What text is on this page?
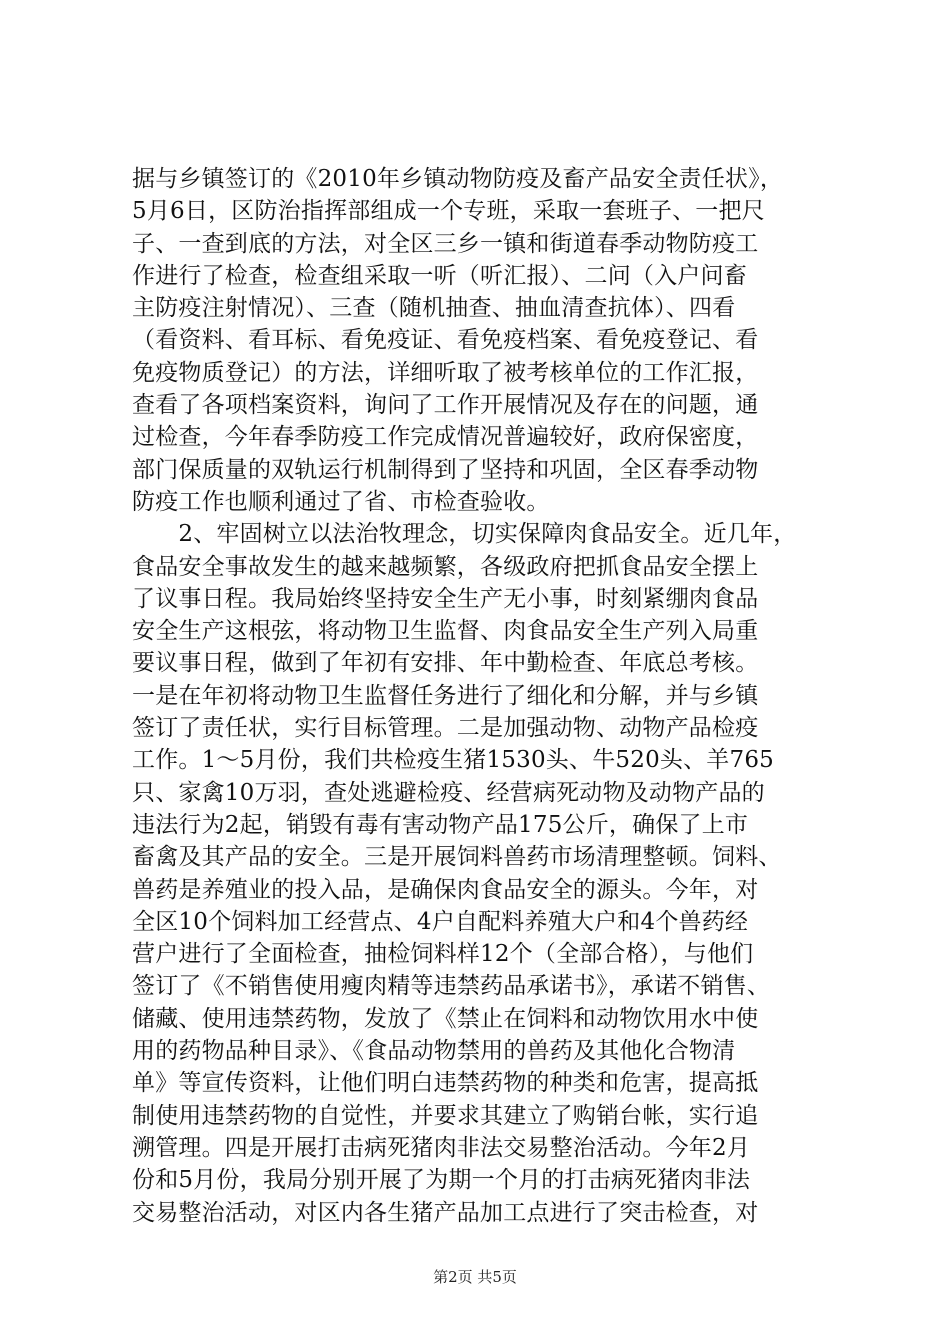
据与乡镇签订的《2010年乡镇动物防疫及畜产品安全责任状》，
5月6日，区防治指挥部组成一个专班，采取一套班子、一把尺
子、一查到底的方法，对全区三乡一镇和街道春季动物防疫工
作进行了检查，检查组采取一听（听汇报）、二问（入户问畜
主防疫注射情况）、三查（随机抽查、抽血清查抗体）、四看
（看资料、看耳标、看免疫证、看免疫档案、看免疫登记、看
免疫物质登记）的方法，详细听取了被考核单位的工作汇报，
查看了各项档案资料，询问了工作开展情况及存在的问题，通
过检查，今年春季防疫工作完成情况普遍较好，政府保密度，
部门保质量的双轨运行机制得到了坚持和巩固，全区春季动物
防疫工作也顺利通过了省、市检查验收。
　　2、牢固树立以法治牧理念，切实保障肉食品安全。近几年，
食品安全事故发生的越来越频繁，各级政府把抓食品安全摆上
了议事日程。我局始终坚持安全生产无小事，时刻紧绷肉食品
安全生产这根弦，将动物卫生监督、肉食品安全生产列入局重
要议事日程，做到了年初有安排、年中勤检查、年底总考核。
一是在年初将动物卫生监督任务进行了细化和分解，并与乡镇
签订了责任状，实行目标管理。二是加强动物、动物产品检疫
工作。1～5月份，我们共检疫生猪1530头、牛520头、羊765
只、家禽10万羽，查处逃避检疫、经营病死动物及动物产品的
违法行为2起，销毁有毒有害动物产品175公斤，确保了上市
畜禽及其产品的安全。三是开展饲料兽药市场清理整顿。饲料、
兽药是养殖业的投入品，是确保肉食品安全的源头。今年，对
全区10个饲料加工经营点、4户自配料养殖大户和4个兽药经
营户进行了全面检查，抽检饲料样12个（全部合格），与他们
签订了《不销售使用瘦肉精等违禁药品承诺书》，承诺不销售、
储藏、使用违禁药物，发放了《禁止在饲料和动物饮用水中使
用的药物品种目录》、《食品动物禁用的兽药及其他化合物清
单》等宣传资料，让他们明白违禁药物的种类和危害，提高抵
制使用违禁药物的自觉性，并要求其建立了购销台帐，实行追
溯管理。四是开展打击病死猪肉非法交易整治活动。今年2月
份和5月份，我局分别开展了为期一个月的打击病死猪肉非法
交易整治活动，对区内各生猪产品加工点进行了突击检查，对
第2页 共5页
